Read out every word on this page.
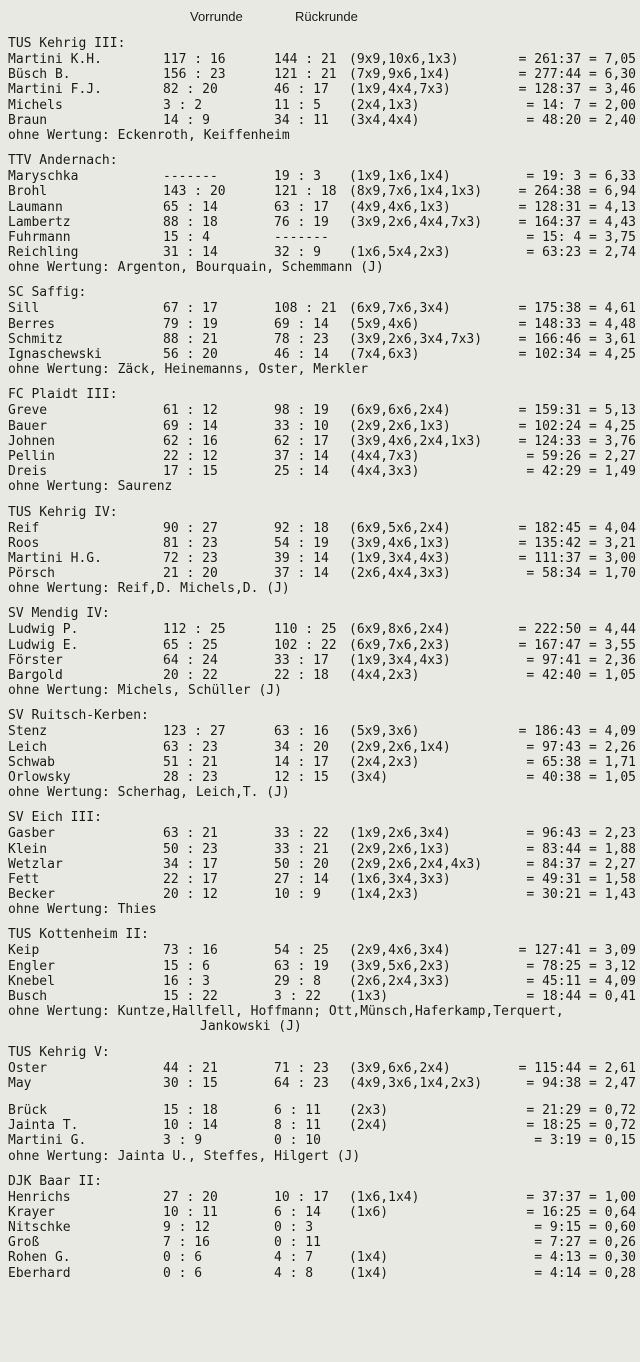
Vorrunde	Rückrunde
TUS Kehrig III:
Martini K.H.	117 : 16	144 : 21 (9x9,10x6,1x3)	= 261:37 = 7,05
Büsch B.	156 : 23	121 : 21 (7x9,9x6,1x4)	= 277:44 = 6,30
Martini F.J.	82 : 20	46 : 17	(1x9,4x4,7x3)	= 128:37 = 3,46
Michels	3 : 2	11 : 5	(2x4,1x3)	= 14: 7 = 2,00
Braun	14 : 9	34 : 11	(3x4,4x4)	= 48:20 = 2,40
ohne Wertung: Eckenroth, Keiffenheim
TTV Andernach:
Maryschka	-------	19 : 3	(1x9,1x6,1x4)	= 19: 3 = 6,33
Brohl	143 : 20	121 : 18 (8x9,7x6,1x4,1x3)	= 264:38 = 6,94
Laumann	65 : 14	63 : 17	(4x9,4x6,1x3)	= 128:31 = 4,13
Lambertz	88 : 18	76 : 19	(3x9,2x6,4x4,7x3)	= 164:37 = 4,43
Fuhrmann	15 : 4	-------	= 15: 4 = 3,75
Reichling	31 : 14	32 : 9	(1x6,5x4,2x3)	= 63:23 = 2,74
ohne Wertung: Argenton, Bourquain, Schemmann (J)
SC Saffig:
Sill	67 : 17	108 : 21 (6x9,7x6,3x4)	= 175:38 = 4,61
Berres	79 : 19	69 : 14	(5x9,4x6)	= 148:33 = 4,48
Schmitz	88 : 21	78 : 23	(3x9,2x6,3x4,7x3)	= 166:46 = 3,61
Ignaschewski	56 : 20	46 : 14	(7x4,6x3)	= 102:34 = 4,25
ohne Wertung: Zäck, Heinemanns, Oster, Merkler
FC Plaidt III:
Greve	61 : 12	98 : 19	(6x9,6x6,2x4)	= 159:31 = 5,13
Bauer	69 : 14	33 : 10	(2x9,2x6,1x3)	= 102:24 = 4,25
Johnen	62 : 16	62 : 17	(3x9,4x6,2x4,1x3)	= 124:33 = 3,76
Pellin	22 : 12	37 : 14	(4x4,7x3)	= 59:26 = 2,27
Dreis	17 : 15	25 : 14	(4x4,3x3)	= 42:29 = 1,49
ohne Wertung: Saurenz
TUS Kehrig IV:
Reif	90 : 27	92 : 18	(6x9,5x6,2x4)	= 182:45 = 4,04
Roos	81 : 23	54 : 19	(3x9,4x6,1x3)	= 135:42 = 3,21
Martini H.G.	72 : 23	39 : 14	(1x9,3x4,4x3)	= 111:37 = 3,00
Pörsch	21 : 20	37 : 14	(2x6,4x4,3x3)	= 58:34 = 1,70
ohne Wertung: Reif,D. Michels,D. (J)
SV Mendig IV:
Ludwig P.	112 : 25	110 : 25 (6x9,8x6,2x4)	= 222:50 = 4,44
Ludwig E.	65 : 25	102 : 22 (6x9,7x6,2x3)	= 167:47 = 3,55
Förster	64 : 24	33 : 17	(1x9,3x4,4x3)	= 97:41 = 2,36
Bargold	20 : 22	22 : 18	(4x4,2x3)	= 42:40 = 1,05
ohne Wertung: Michels, Schüller (J)
SV Ruitsch-Kerben:
Stenz	123 : 27	63 : 16	(5x9,3x6)	= 186:43 = 4,09
Leich	63 : 23	34 : 20	(2x9,2x6,1x4)	= 97:43 = 2,26
Schwab	51 : 21	14 : 17	(2x4,2x3)	= 65:38 = 1,71
Orlowsky	28 : 23	12 : 15	(3x4)	= 40:38 = 1,05
ohne Wertung: Scherhag, Leich,T. (J)
SV Eich III:
Gasber	63 : 21	33 : 22	(1x9,2x6,3x4)	= 96:43 = 2,23
Klein	50 : 23	33 : 21	(2x9,2x6,1x3)	= 83:44 = 1,88
Wetzlar	34 : 17	50 : 20	(2x9,2x6,2x4,4x3)	= 84:37 = 2,27
Fett	22 : 17	27 : 14	(1x6,3x4,3x3)	= 49:31 = 1,58
Becker	20 : 12	10 : 9	(1x4,2x3)	= 30:21 = 1,43
ohne Wertung: Thies
TUS Kottenheim II:
Keip	73 : 16	54 : 25	(2x9,4x6,3x4)	= 127:41 = 3,09
Engler	15 : 6	63 : 19	(3x9,5x6,2x3)	= 78:25 = 3,12
Knebel	16 : 3	29 : 8	(2x6,2x4,3x3)	= 45:11 = 4,09
Busch	15 : 22	3 : 22	(1x3)	= 18:44 = 0,41
ohne Wertung: Kuntze,Hallfell, Hoffmann; Ott,Münsch,Haferkamp,Terquert,
Jankowski (J)
TUS Kehrig V:
Oster	44 : 21	71 : 23	(3x9,6x6,2x4)	= 115:44 = 2,61
May	30 : 15	64 : 23	(4x9,3x6,1x4,2x3)	= 94:38 = 2,47
Brück	15 : 18	6 : 11	(2x3)	= 21:29 = 0,72
Jainta T.	10 : 14	8 : 11	(2x4)	= 18:25 = 0,72
Martini G.	3 : 9	0 : 10	= 3:19 = 0,15
ohne Wertung: Jainta U., Steffes, Hilgert (J)
DJK Baar II:
Henrichs	27 : 20	10 : 17	(1x6,1x4)	= 37:37 = 1,00
Krayer	10 : 11	6 : 14	(1x6)	= 16:25 = 0,64
Nitschke	9 : 12	0 : 3	= 9:15 = 0,60
Groß	7 : 16	0 : 11	= 7:27 = 0,26
Rohen G.	0 : 6	4 : 7	(1x4)	= 4:13 = 0,30
Eberhard	0 : 6	4 : 8	(1x4)	= 4:14 = 0,28
